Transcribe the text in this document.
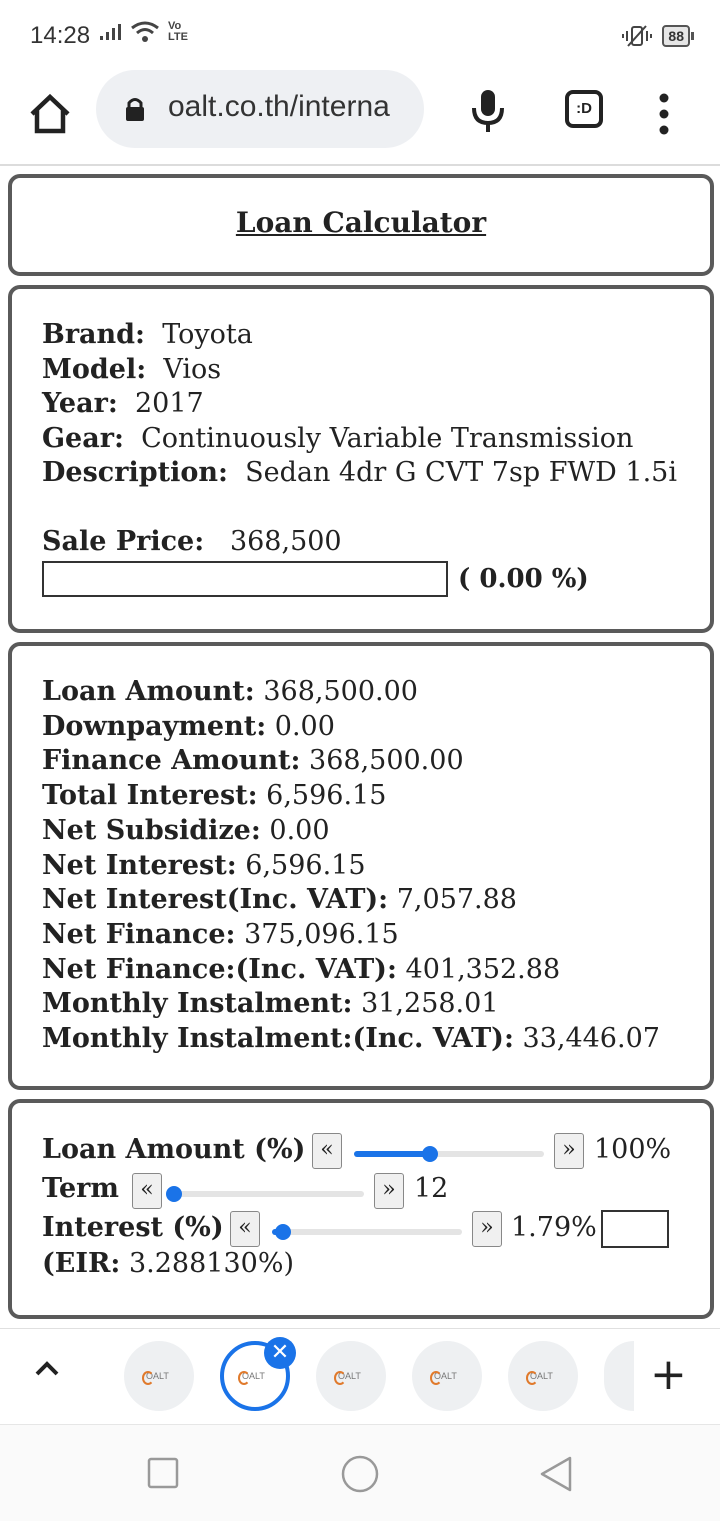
14:28	Vo LTE	88
oalt.co.th/interna	:D
Loan Calculator
Brand: Toyota
Model: Vios
Year: 2017
Gear: Continuously Variable Transmission
Description: Sedan 4dr G CVT 7sp FWD 1.5i
Sale Price: 368,500
( 0.00 %)
Loan Amount: 368,500.00
Downpayment: 0.00
Finance Amount: 368,500.00
Total Interest: 6,596.15
Net Subsidize: 0.00
Net Interest: 6,596.15
Net Interest(Inc. VAT): 7,057.88
Net Finance: 375,096.15
Net Finance:(Inc. VAT): 401,352.88
Monthly Instalment: 31,258.01
Monthly Instalment:(Inc. VAT): 33,446.07
Loan Amount (%) «	» 100%
Term «	» 12
Interest (%) «	» 1.79%
(EIR: 3.288130%)
OALT	OALT
✕
OALT	OALT	OALT +
